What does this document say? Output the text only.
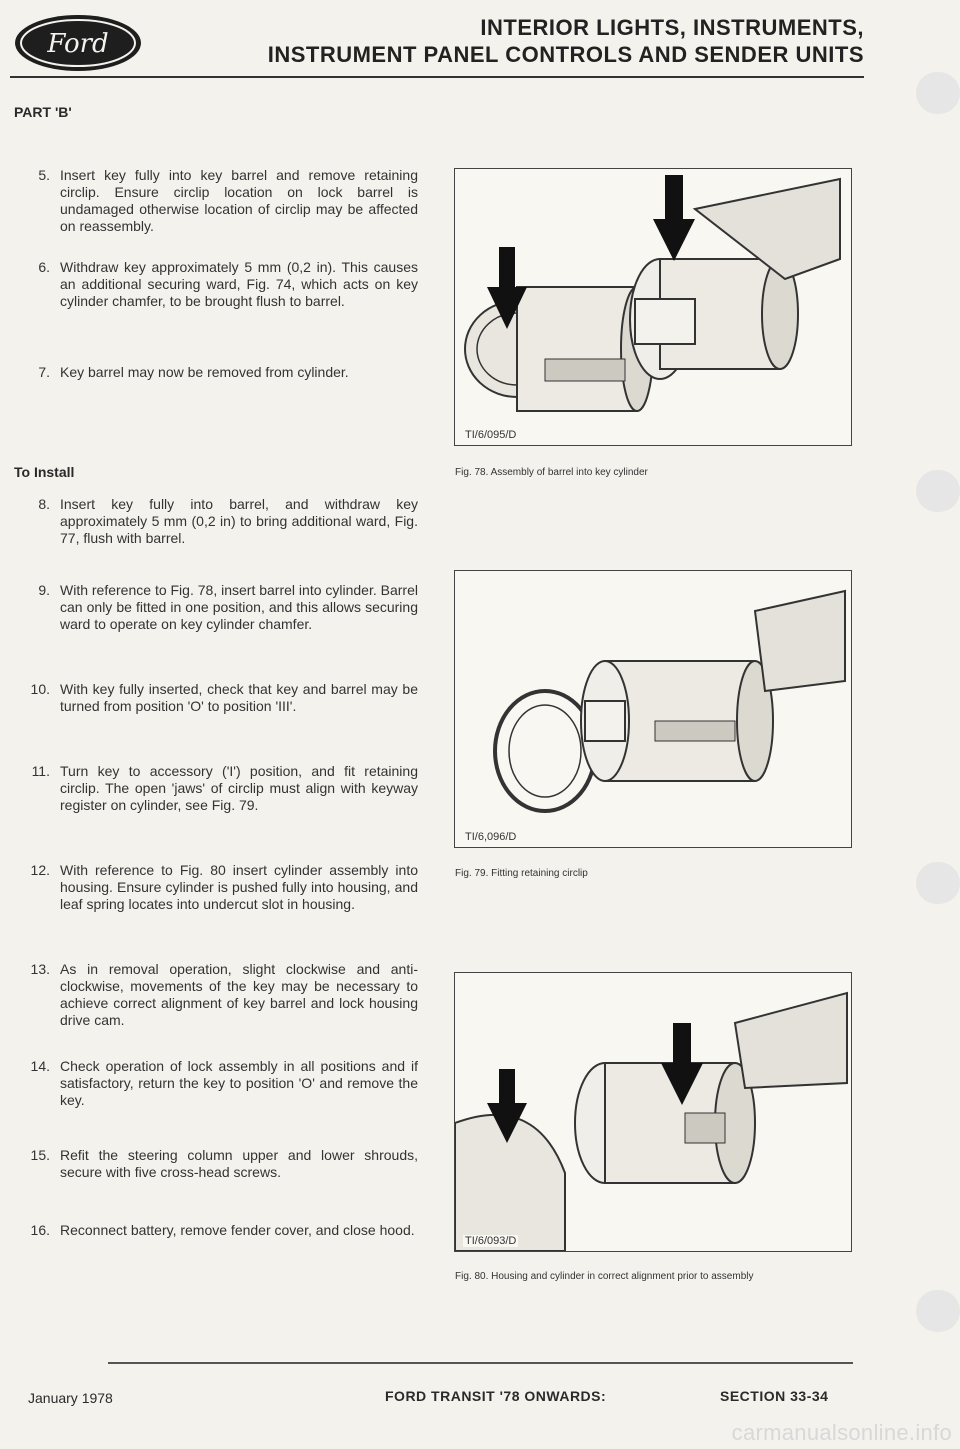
Ford
INTERIOR LIGHTS, INSTRUMENTS,
INSTRUMENT PANEL CONTROLS AND SENDER UNITS
PART 'B'
5. Insert key fully into key barrel and remove retaining circlip. Ensure circlip location on lock barrel is undamaged otherwise location of circlip may be affected on reassembly.
6. Withdraw key approximately 5 mm (0,2 in). This causes an additional securing ward, Fig. 74, which acts on key cylinder chamfer, to be brought flush to barrel.
7. Key barrel may now be removed from cylinder.
To Install
8. Insert key fully into barrel, and withdraw key approximately 5 mm (0,2 in) to bring additional ward, Fig. 77, flush with barrel.
9. With reference to Fig. 78, insert barrel into cylinder. Barrel can only be fitted in one position, and this allows securing ward to operate on key cylinder chamfer.
10. With key fully inserted, check that key and barrel may be turned from position 'O' to position 'III'.
11. Turn key to accessory ('I') position, and fit retaining circlip. The open 'jaws' of circlip must align with keyway register on cylinder, see Fig. 79.
12. With reference to Fig. 80 insert cylinder assembly into housing. Ensure cylinder is pushed fully into housing, and leaf spring locates into undercut slot in housing.
13. As in removal operation, slight clockwise and anti-clockwise, movements of the key may be necessary to achieve correct alignment of key barrel and lock housing drive cam.
14. Check operation of lock assembly in all positions and if satisfactory, return the key to position 'O' and remove the key.
15. Refit the steering column upper and lower shrouds, secure with five cross-head screws.
16. Reconnect battery, remove fender cover, and close hood.
TI/6/095/D
Fig. 78. Assembly of barrel into key cylinder
TI/6,096/D
Fig. 79. Fitting retaining circlip
TI/6/093/D
Fig. 80. Housing and cylinder in correct alignment prior to assembly
January 1978	FORD TRANSIT '78 ONWARDS:	SECTION 33-34
carmanualsonline.info
